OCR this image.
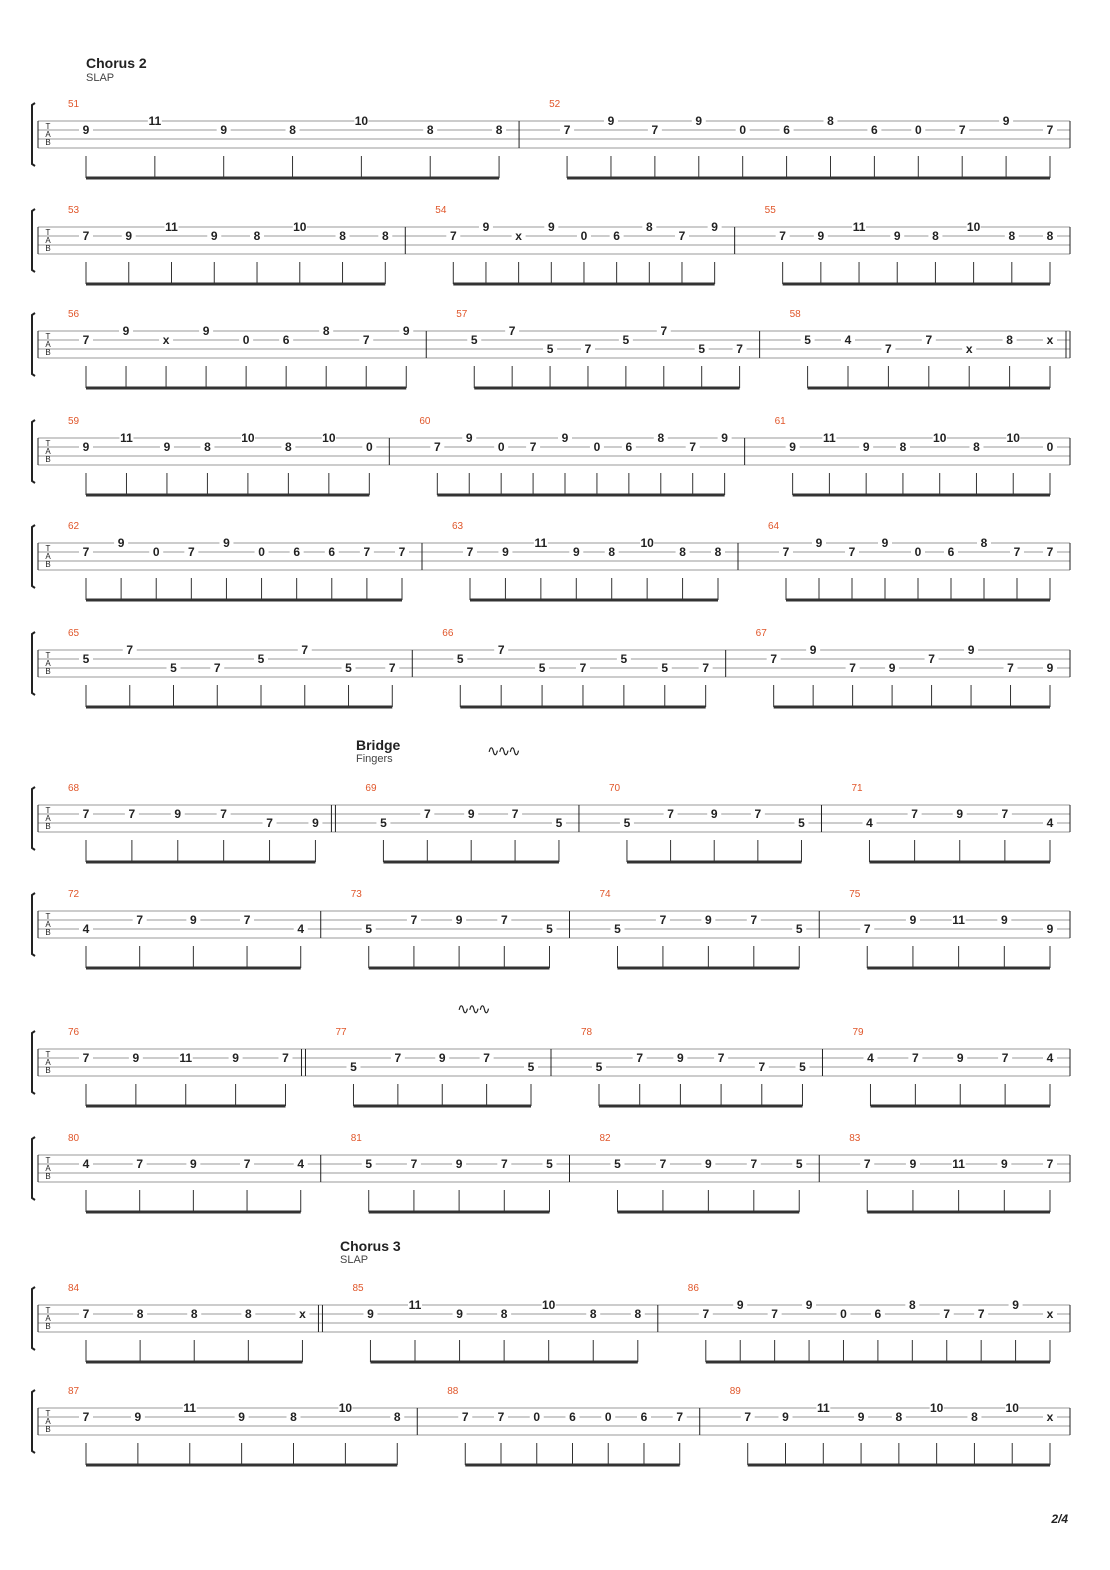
Chorus 2
SLAP
Bridge
Fingers	∿∿∿
∿∿∿
Chorus 3
SLAP
T
A
B
51
9
11
9	8
10
8	8
52
7
9
7
9
0	6
8
6	0	7
9
7
T
A
B
53
7	9
11
9	8
10
8	8
54
7
9
x
9
0 6
8
7
9
55
7	9
11
9	8
10
8	8
T
A
B
56
7
9
x
9
0	6
8
7
9
57
5
7
5	7
5
7
5	7
58
5	4
7
7
x
8	x
T
A
B
59
9
11
9	8
10
8
10
0
60
7
9
0 7
9
0 6
8
7
9
61
9
11
9	8
10
8
10
0
T
A
B
62
7
9
0 7
9
0 6 6 7 7
63
7 9
11
9 8
10
8 8
64
7
9
7
9
0 6
8
7 7
T
A
B
65
5
7
5	7
5
7
5	7
66
5
7
5	7
5
5	7
67
7
9
7	9
7
9
7	9
T
A
B
68
7	7	9	7
7	9
69
5
7	9	7
5
70
5
7	9	7
5
71
4
7	9	7
4
T
A
B
72
4
7	9	7
4
73
5
7	9	7
5
74
5
7	9	7
5
75
7
9	11	9
9
T
A
B
76
7	9	11	9	7
77
5
7	9	7
5
78
5
7	9	7
7	5
79
4	7	9	7	4
T
A
B
80
4	7	9	7	4
81
5	7	9	7	5
82
5	7	9	7	5
83
7	9	11	9	7
T
A
B
84
7	8	8	8	x
85
9
11
9	8
10
8	8
86
7
9
7
9
0 6
8
7 7
9
x
T
A
B
87
7	9
11
9	8
10
8
88
7 7 0 6 0 6 7
89
7	9
11
9	8
10
8
10
x
2/4
